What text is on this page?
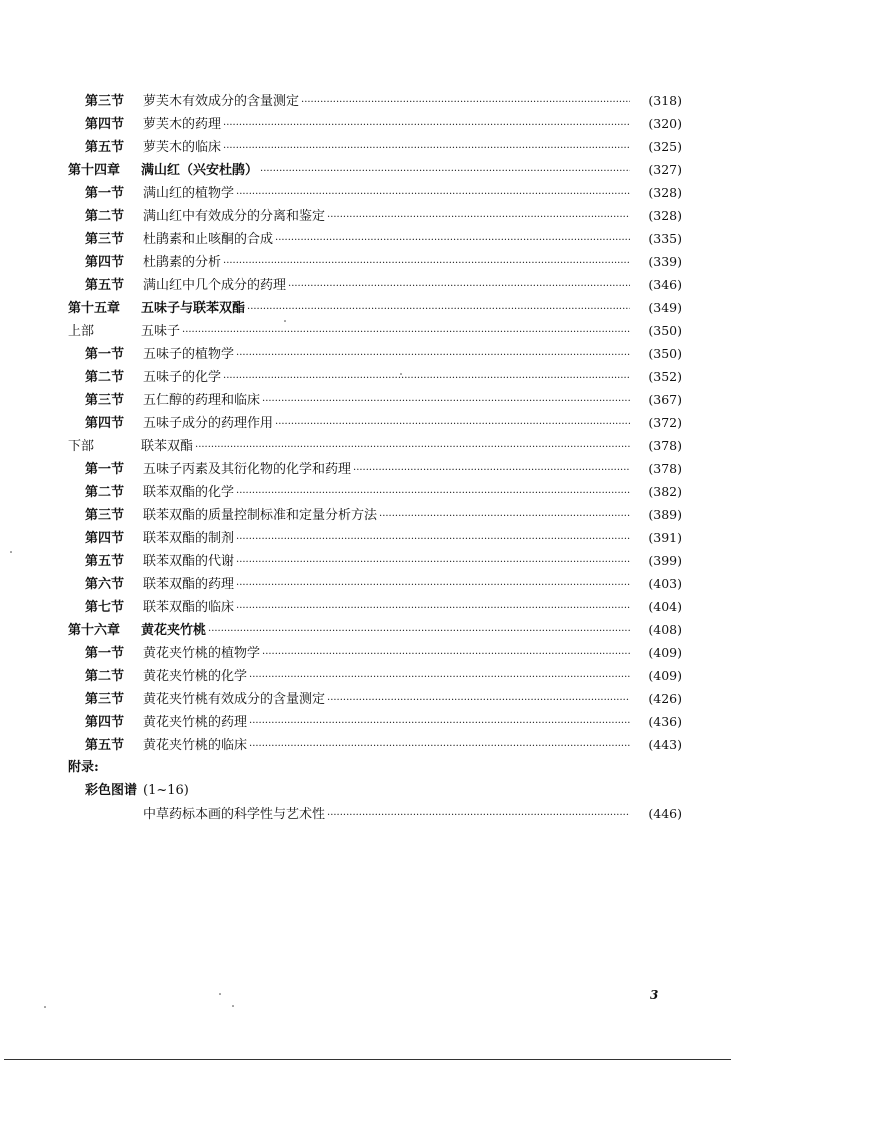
第三节	萝芙木有效成分的含量测定 ·····	(318)
第四节	萝芙木的药理 ·····	(320)
第五节	萝芙木的临床 ·····	(325)
第十四章	满山红（兴安杜鹃） ·····	(327)
第一节	满山红的植物学 ·····	(328)
第二节	满山红中有效成分的分离和鉴定 ·····	(328)
第三节	杜鹃素和止咳酮的合成 ·····	(335)
第四节	杜鹃素的分析 ·····	(339)
第五节	满山红中几个成分的药理 ·····	(346)
第十五章	五味子与联苯双酯 ·····	(349)
上部	五味子 ·····	(350)
第一节	五味子的植物学 ·····	(350)
第二节	五味子的化学 ·····	(352)
第三节	五仁醇的药理和临床 ·····	(367)
第四节	五味子成分的药理作用 ·····	(372)
下部	联苯双酯 ·····	(378)
第一节	五味子丙素及其衍化物的化学和药理 ·····	(378)
第二节	联苯双酯的化学 ·····	(382)
第三节	联苯双酯的质量控制标准和定量分析方法 ·····	(389)
第四节	联苯双酯的制剂 ·····	(391)
第五节	联苯双酯的代谢 ·····	(399)
第六节	联苯双酯的药理 ·····	(403)
第七节	联苯双酯的临床 ·····	(404)
第十六章	黄花夹竹桃 ·····	(408)
第一节	黄花夹竹桃的植物学 ·····	(409)
第二节	黄花夹竹桃的化学 ·····	(409)
第三节	黄花夹竹桃有效成分的含量测定 ·····	(426)
第四节	黄花夹竹桃的药理 ·····	(436)
第五节	黄花夹竹桃的临床 ·····	(443)
附录:
彩色图谱 (1~16)
中草药标本画的科学性与艺术性 ·····	(446)
3
